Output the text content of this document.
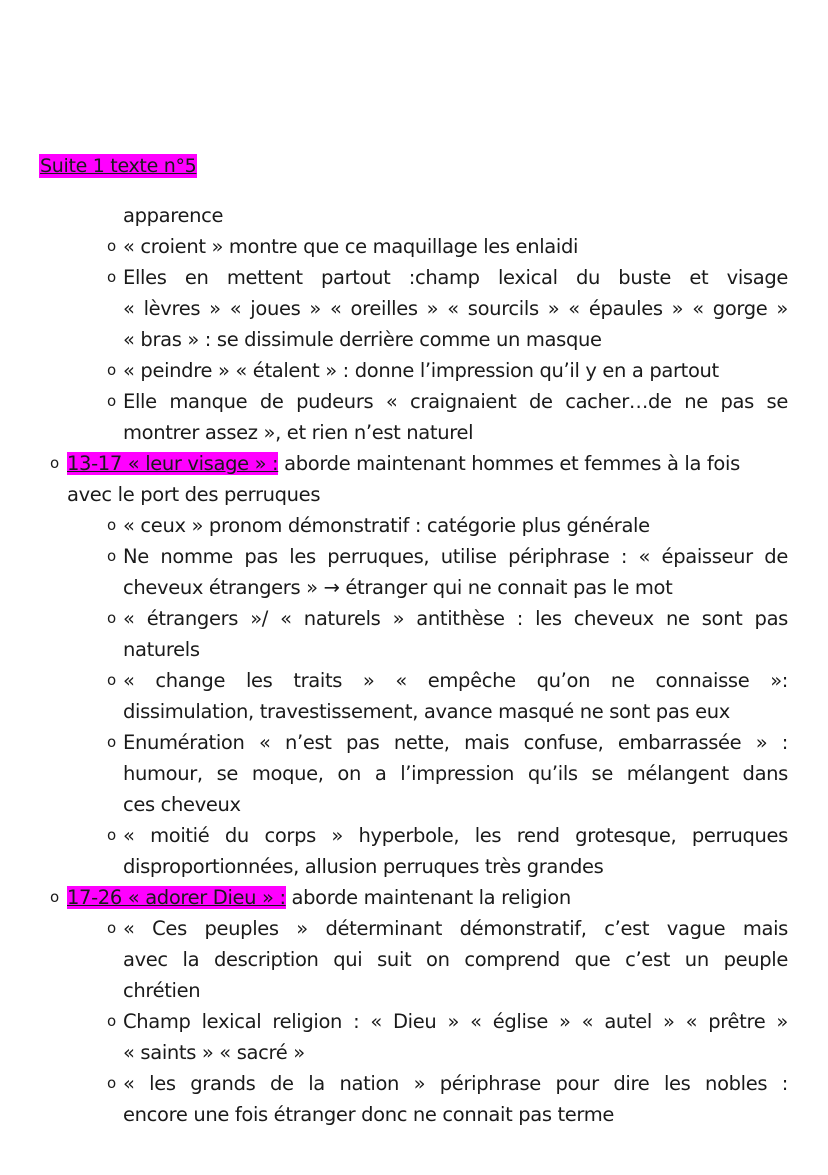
Suite 1 texte n°5
apparence
o « croient » montre que ce maquillage les enlaidi
o Elles en mettent partout :champ lexical du buste et visage
« lèvres » « joues » « oreilles » « sourcils » « épaules » « gorge »
« bras » : se dissimule derrière comme un masque
o « peindre » « étalent » : donne l’impression qu’il y en a partout
o Elle manque de pudeurs « craignaient de cacher…de ne pas se
montrer assez », et rien n’est naturel
o 13-17 « leur visage » : aborde maintenant hommes et femmes à la fois
avec le port des perruques
o « ceux » pronom démonstratif : catégorie plus générale
o Ne nomme pas les perruques, utilise périphrase : « épaisseur de
cheveux étrangers » → étranger qui ne connait pas le mot
o « étrangers »/ « naturels » antithèse : les cheveux ne sont pas
naturels
o « change les traits » « empêche qu’on ne connaisse »:
dissimulation, travestissement, avance masqué ne sont pas eux
o Enumération « n’est pas nette, mais confuse, embarrassée » :
humour, se moque, on a l’impression qu’ils se mélangent dans
ces cheveux
o « moitié du corps » hyperbole, les rend grotesque, perruques
disproportionnées, allusion perruques très grandes
o 17-26 « adorer Dieu » : aborde maintenant la religion
o « Ces peuples » déterminant démonstratif, c’est vague mais
avec la description qui suit on comprend que c’est un peuple
chrétien
o Champ lexical religion : « Dieu » « église » « autel » « prêtre »
« saints » « sacré »
o « les grands de la nation » périphrase pour dire les nobles :
encore une fois étranger donc ne connait pas terme
